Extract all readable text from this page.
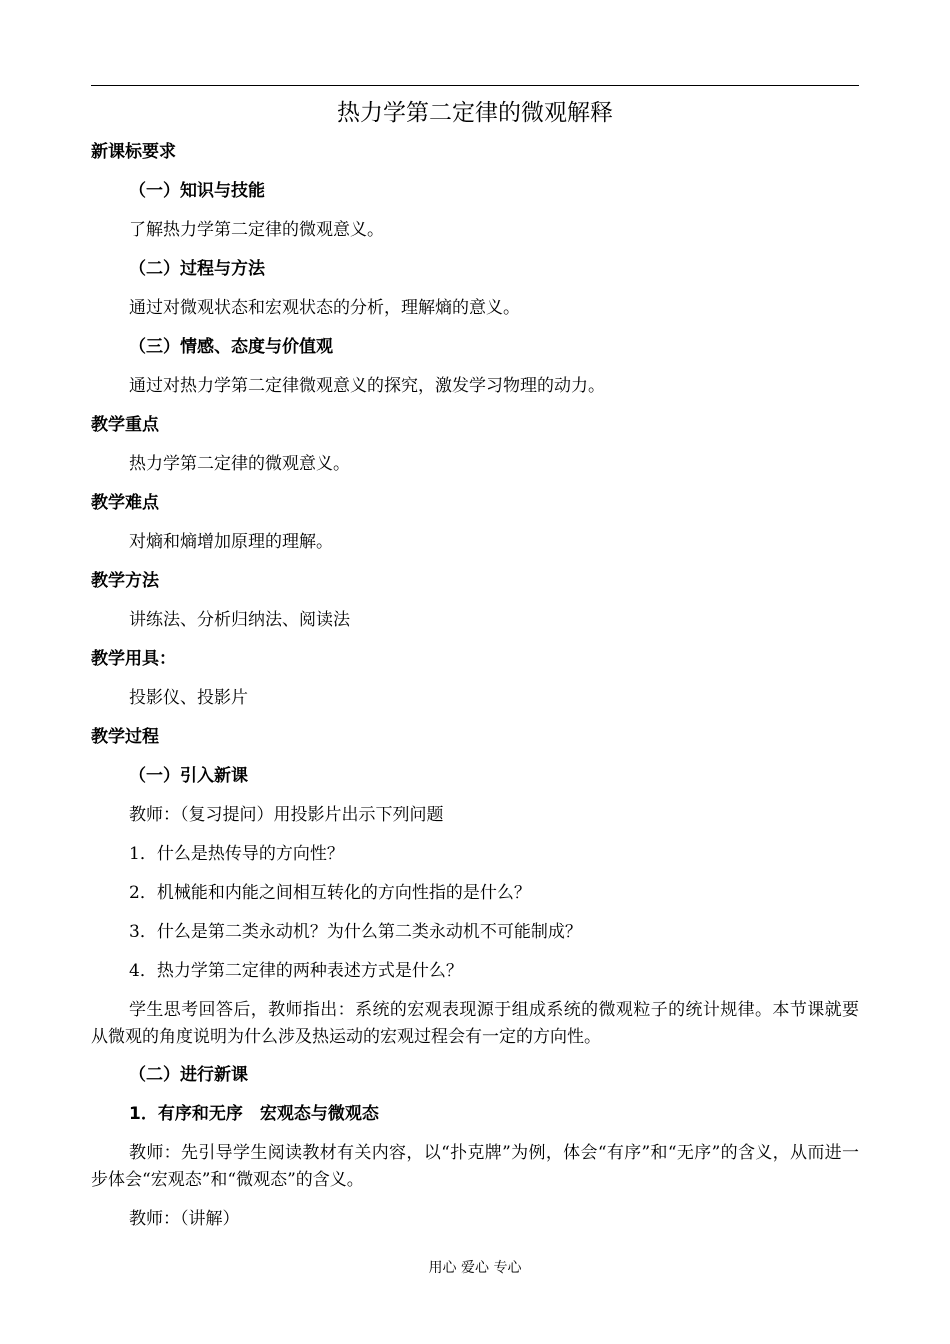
热力学第二定律的微观解释
新课标要求
（一）知识与技能
了解热力学第二定律的微观意义。
（二）过程与方法
通过对微观状态和宏观状态的分析，理解熵的意义。
（三）情感、态度与价值观
通过对热力学第二定律微观意义的探究，激发学习物理的动力。
教学重点
热力学第二定律的微观意义。
教学难点
对熵和熵增加原理的理解。
教学方法
讲练法、分析归纳法、阅读法
教学用具：
投影仪、投影片
教学过程
（一）引入新课
教师：（复习提问）用投影片出示下列问题
1．什么是热传导的方向性？
2．机械能和内能之间相互转化的方向性指的是什么？
3．什么是第二类永动机？为什么第二类永动机不可能制成？
4．热力学第二定律的两种表述方式是什么？
学生思考回答后，教师指出：系统的宏观表现源于组成系统的微观粒子的统计规律。本节课就要从微观的角度说明为什么涉及热运动的宏观过程会有一定的方向性。
（二）进行新课
1．有序和无序　宏观态与微观态
教师：先引导学生阅读教材有关内容，以“扑克牌”为例，体会“有序”和“无序”的含义，从而进一步体会“宏观态”和“微观态”的含义。
教师：（讲解）
用心 爱心 专心
